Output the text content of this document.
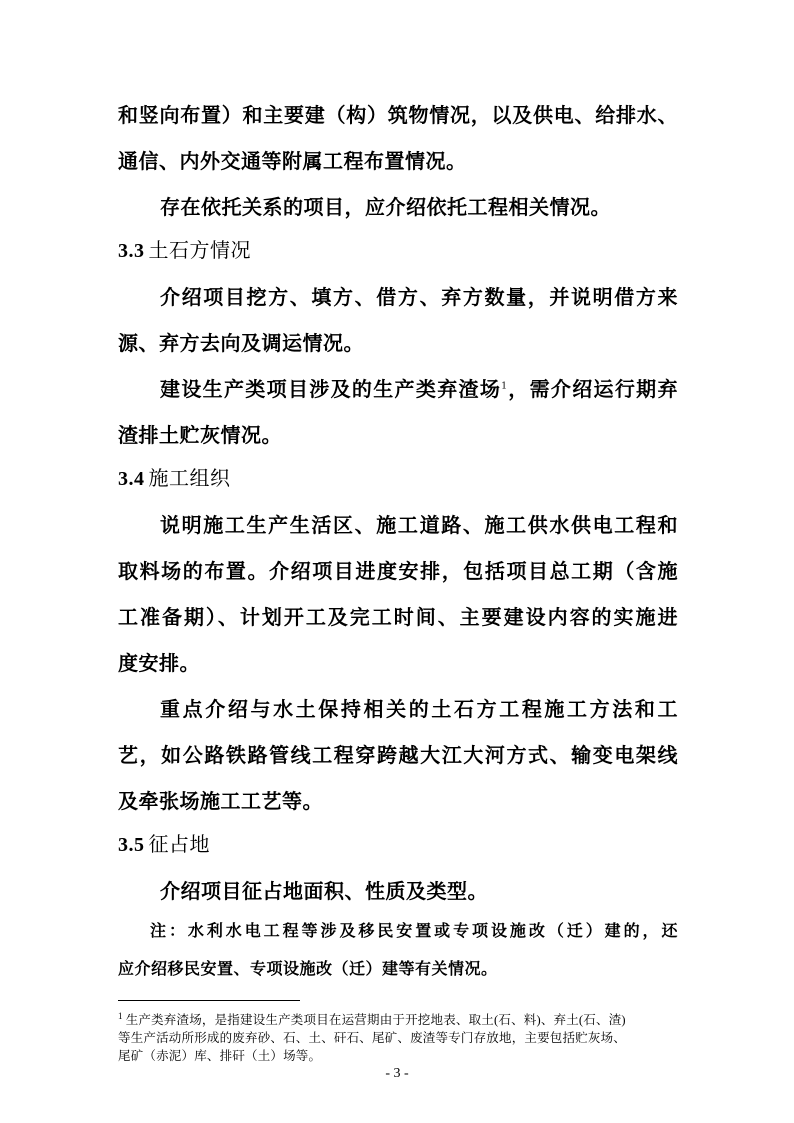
和竖向布置）和主要建（构）筑物情况，以及供电、给排水、
通信、内外交通等附属工程布置情况。
存在依托关系的项目，应介绍依托工程相关情况。
3.3 土石方情况
介绍项目挖方、填方、借方、弃方数量，并说明借方来
源、弃方去向及调运情况。
建设生产类项目涉及的生产类弃渣场$^1$，需介绍运行期弃
渣排土贮灰情况。
3.4 施工组织
说明施工生产生活区、施工道路、施工供水供电工程和
取料场的布置。介绍项目进度安排，包括项目总工期（含施
工准备期）、计划开工及完工时间、主要建设内容的实施进
度安排。
重点介绍与水土保持相关的土石方工程施工方法和工
艺，如公路铁路管线工程穿跨越大江大河方式、输变电架线
及牵张场施工工艺等。
3.5 征占地
介绍项目征占地面积、性质及类型。
注：水利水电工程等涉及移民安置或专项设施改（迁）建的，还
应介绍移民安置、专项设施改（迁）建等有关情况。
$^1$ 生产类弃渣场，是指建设生产类项目在运营期由于开挖地表、取土(石、料)、弃土(石、渣)
等生产活动所形成的废弃砂、石、土、矸石、尾矿、废渣等专门存放地，主要包括贮灰场、
尾矿（赤泥）库、排矸（土）场等。
- 3 -
